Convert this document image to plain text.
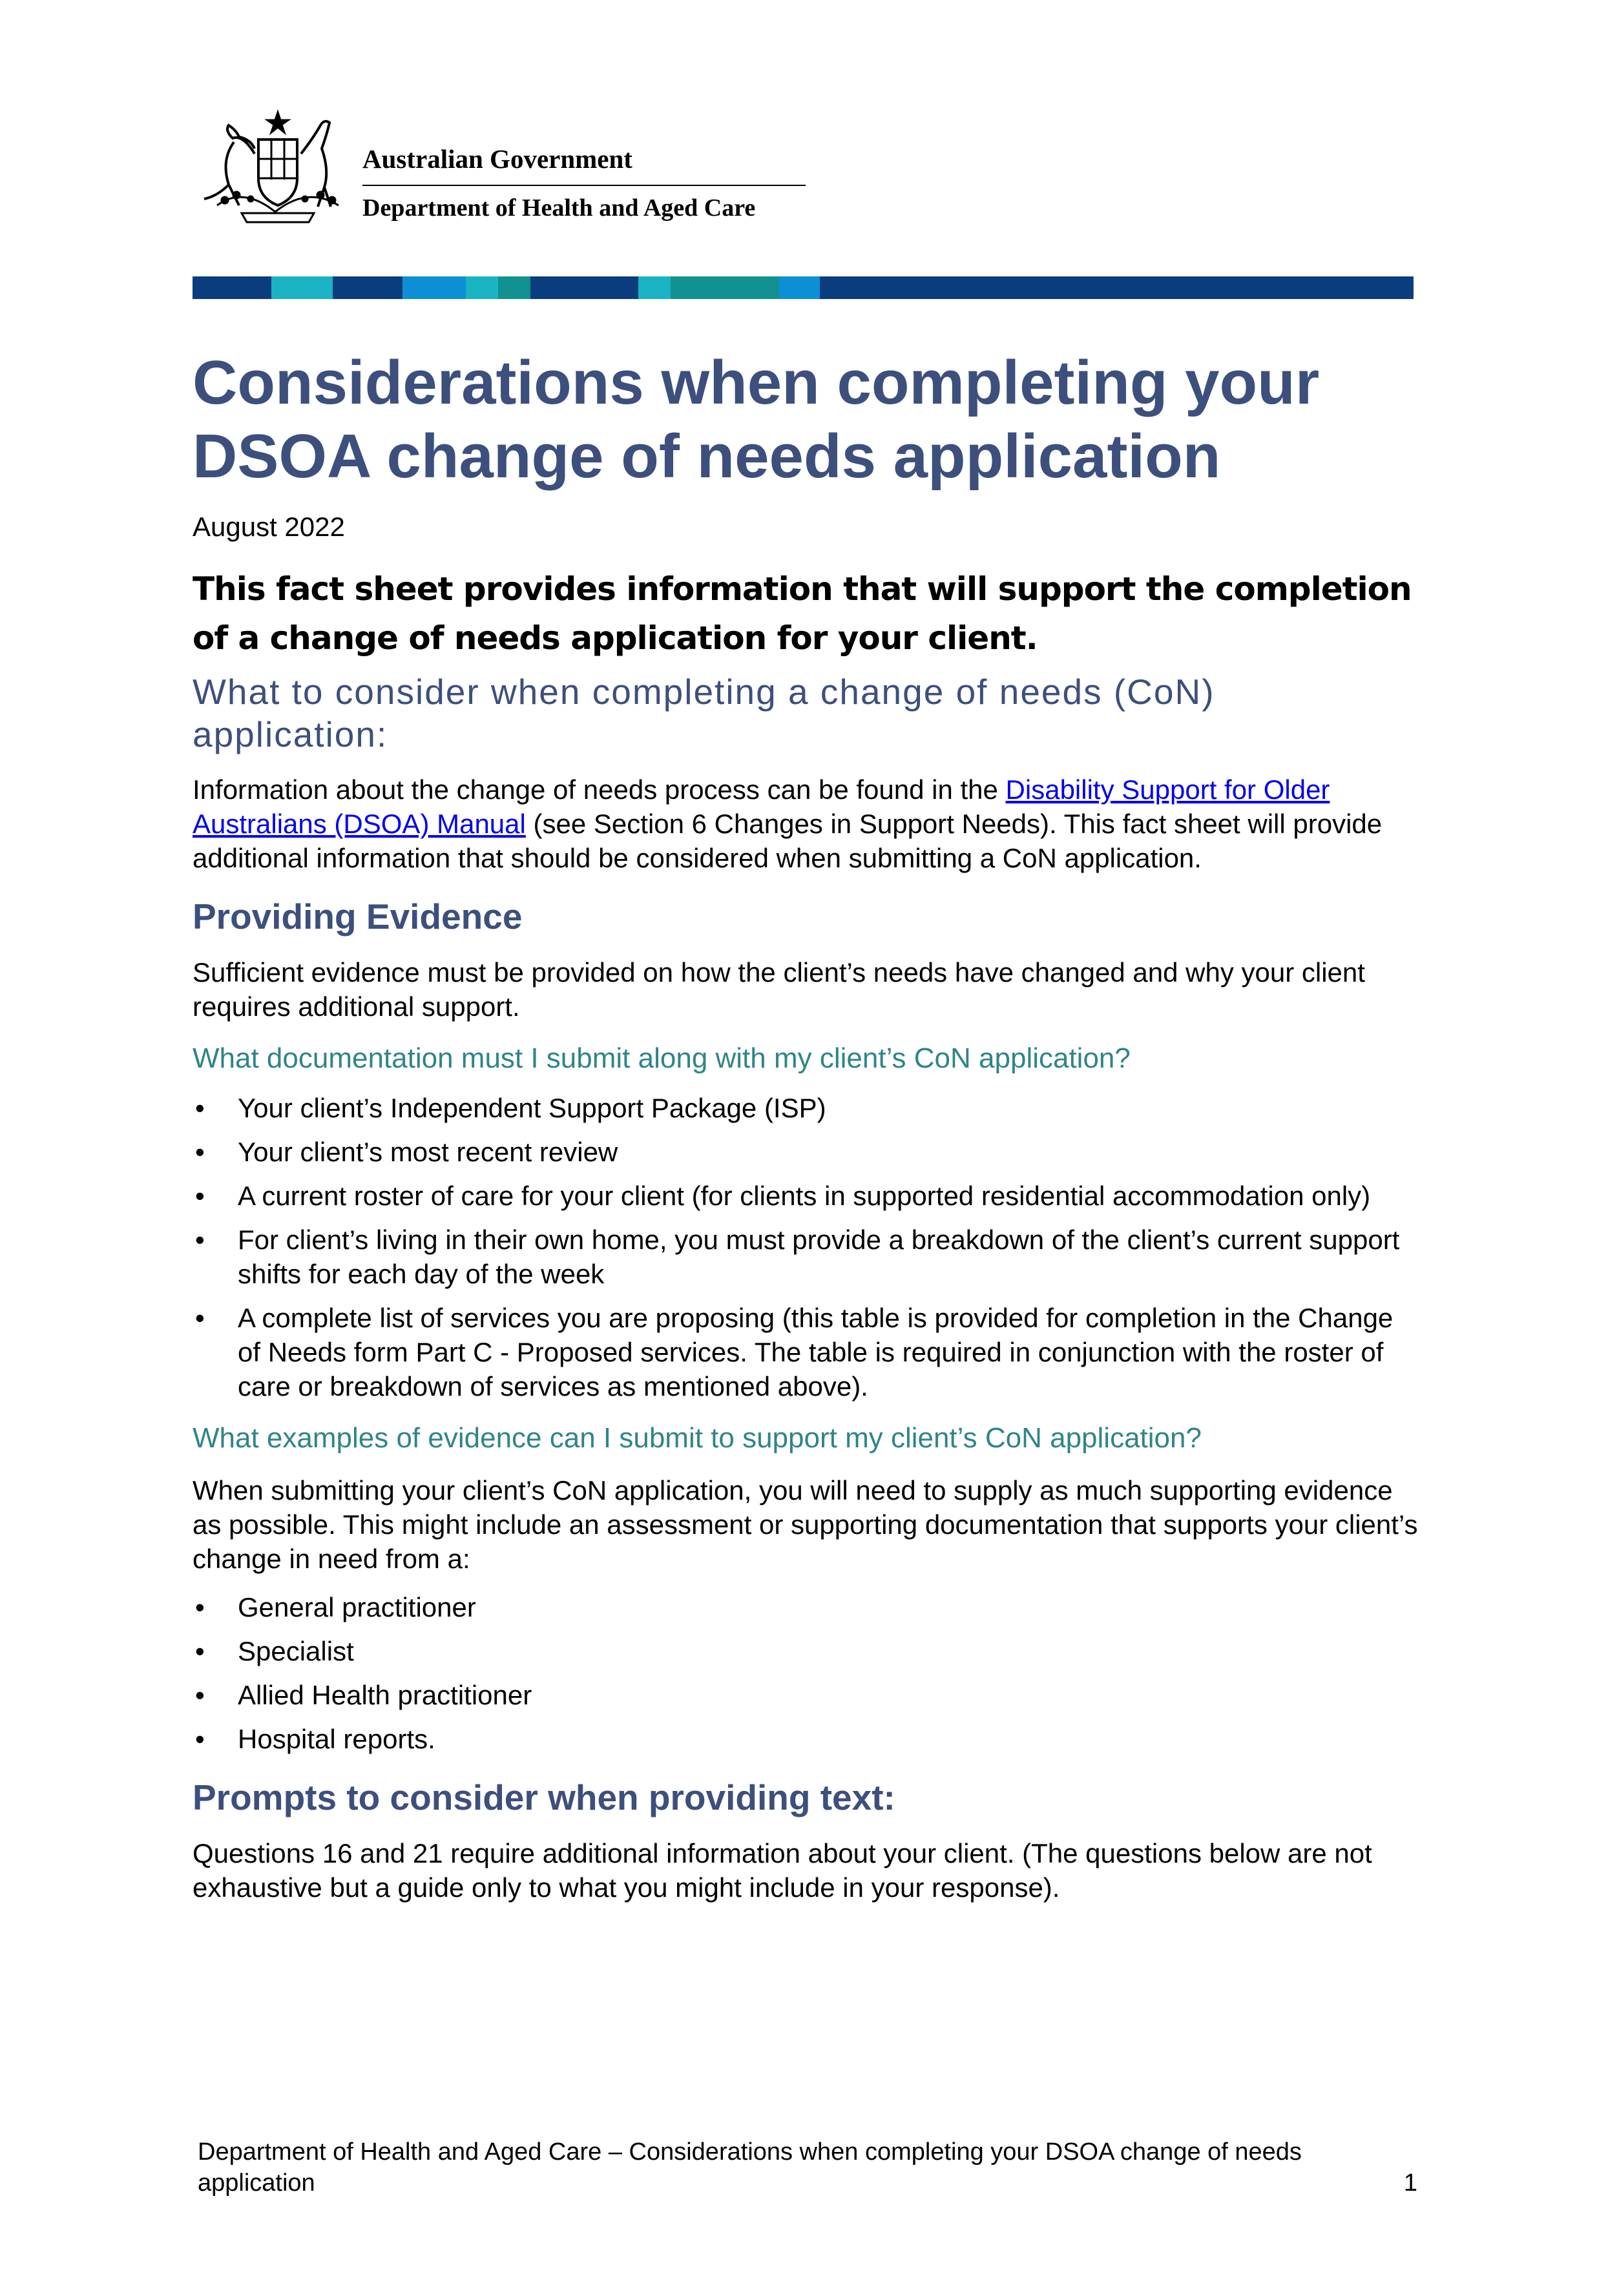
Australian Government
Department of Health and Aged Care
Considerations when completing your DSOA change of needs application

August 2022

This fact sheet provides information that will support the completion of a change of needs application for your client.

What to consider when completing a change of needs (CoN) application:

Information about the change of needs process can be found in the Disability Support for Older Australians (DSOA) Manual (see Section 6 Changes in Support Needs). This fact sheet will provide additional information that should be considered when submitting a CoN application.

Providing Evidence

Sufficient evidence must be provided on how the client’s needs have changed and why your client requires additional support.

What documentation must I submit along with my client’s CoN application?
• Your client’s Independent Support Package (ISP)
• Your client’s most recent review
• A current roster of care for your client (for clients in supported residential accommodation only)
• For client’s living in their own home, you must provide a breakdown of the client’s current support shifts for each day of the week
• A complete list of services you are proposing (this table is provided for completion in the Change of Needs form Part C - Proposed services. The table is required in conjunction with the roster of care or breakdown of services as mentioned above).
What examples of evidence can I submit to support my client’s CoN application?

When submitting your client’s CoN application, you will need to supply as much supporting evidence as possible. This might include an assessment or supporting documentation that supports your client’s change in need from a:

• General practitioner
• Specialist
• Allied Health practitioner
• Hospital reports.
Prompts to consider when providing text:

Questions 16 and 21 require additional information about your client. (The questions below are not exhaustive but a guide only to what you might include in your response).

Department of Health and Aged Care – Considerations when completing your DSOA change of needs
application	1
